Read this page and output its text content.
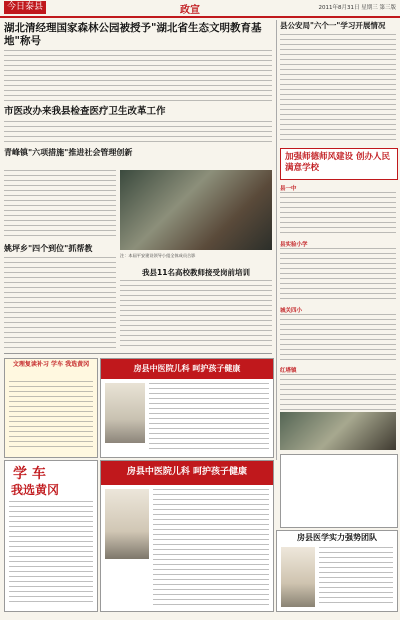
今日泰县	政宣	2011年8月31日 星期三 第三版
湖北清经理国家森林公园被授予"湖北省生态文明教育基地"称号
县公安局"六个一"学习开展情况
加强师德师风建设 创办人民满意学校
县一中
县实验小学
城关四小
红塔镇
市医改办来我县检查医疗卫生改革工作
青峰镇"六项措施"推进社会管理创新
注：本届平安建设领导小组全体成员合影
姚坪乡"四个到位"抓帮教
我县11名高校教师接受岗前培训
文理复读补习 学车 我选黄冈	房县中医院儿科 呵护孩子健康
学 车
我选黄冈
房县中医院儿科 呵护孩子健康
房县医学实力强势团队
